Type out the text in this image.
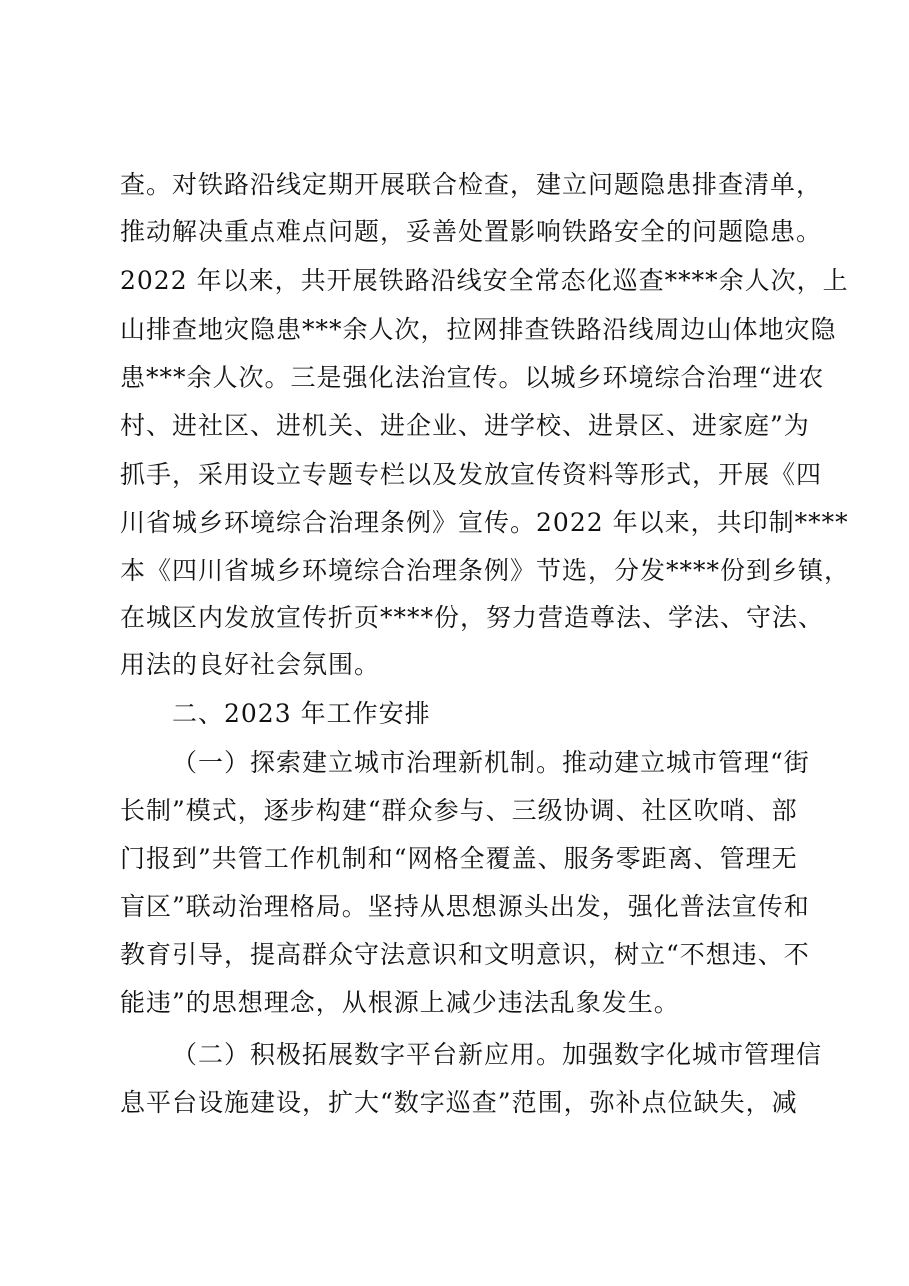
查。对铁路沿线定期开展联合检查，建立问题隐患排查清单，

推动解决重点难点问题，妥善处置影响铁路安全的问题隐患。

2022 年以来，共开展铁路沿线安全常态化巡查****余人次，上

山排查地灾隐患***余人次，拉网排查铁路沿线周边山体地灾隐

患***余人次。三是强化法治宣传。以城乡环境综合治理“进农

村、进社区、进机关、进企业、进学校、进景区、进家庭”为

抓手，采用设立专题专栏以及发放宣传资料等形式，开展《四

川省城乡环境综合治理条例》宣传。2022 年以来，共印制****

本《四川省城乡环境综合治理条例》节选，分发****份到乡镇，

在城区内发放宣传折页****份，努力营造尊法、学法、守法、

用法的良好社会氛围。

二、2023 年工作安排

（一）探索建立城市治理新机制。推动建立城市管理“街

长制”模式，逐步构建“群众参与、三级协调、社区吹哨、部

门报到”共管工作机制和“网格全覆盖、服务零距离、管理无

盲区”联动治理格局。坚持从思想源头出发，强化普法宣传和

教育引导，提高群众守法意识和文明意识，树立“不想违、不

能违”的思想理念，从根源上减少违法乱象发生。

（二）积极拓展数字平台新应用。加强数字化城市管理信

息平台设施建设，扩大“数字巡查”范围，弥补点位缺失，减
